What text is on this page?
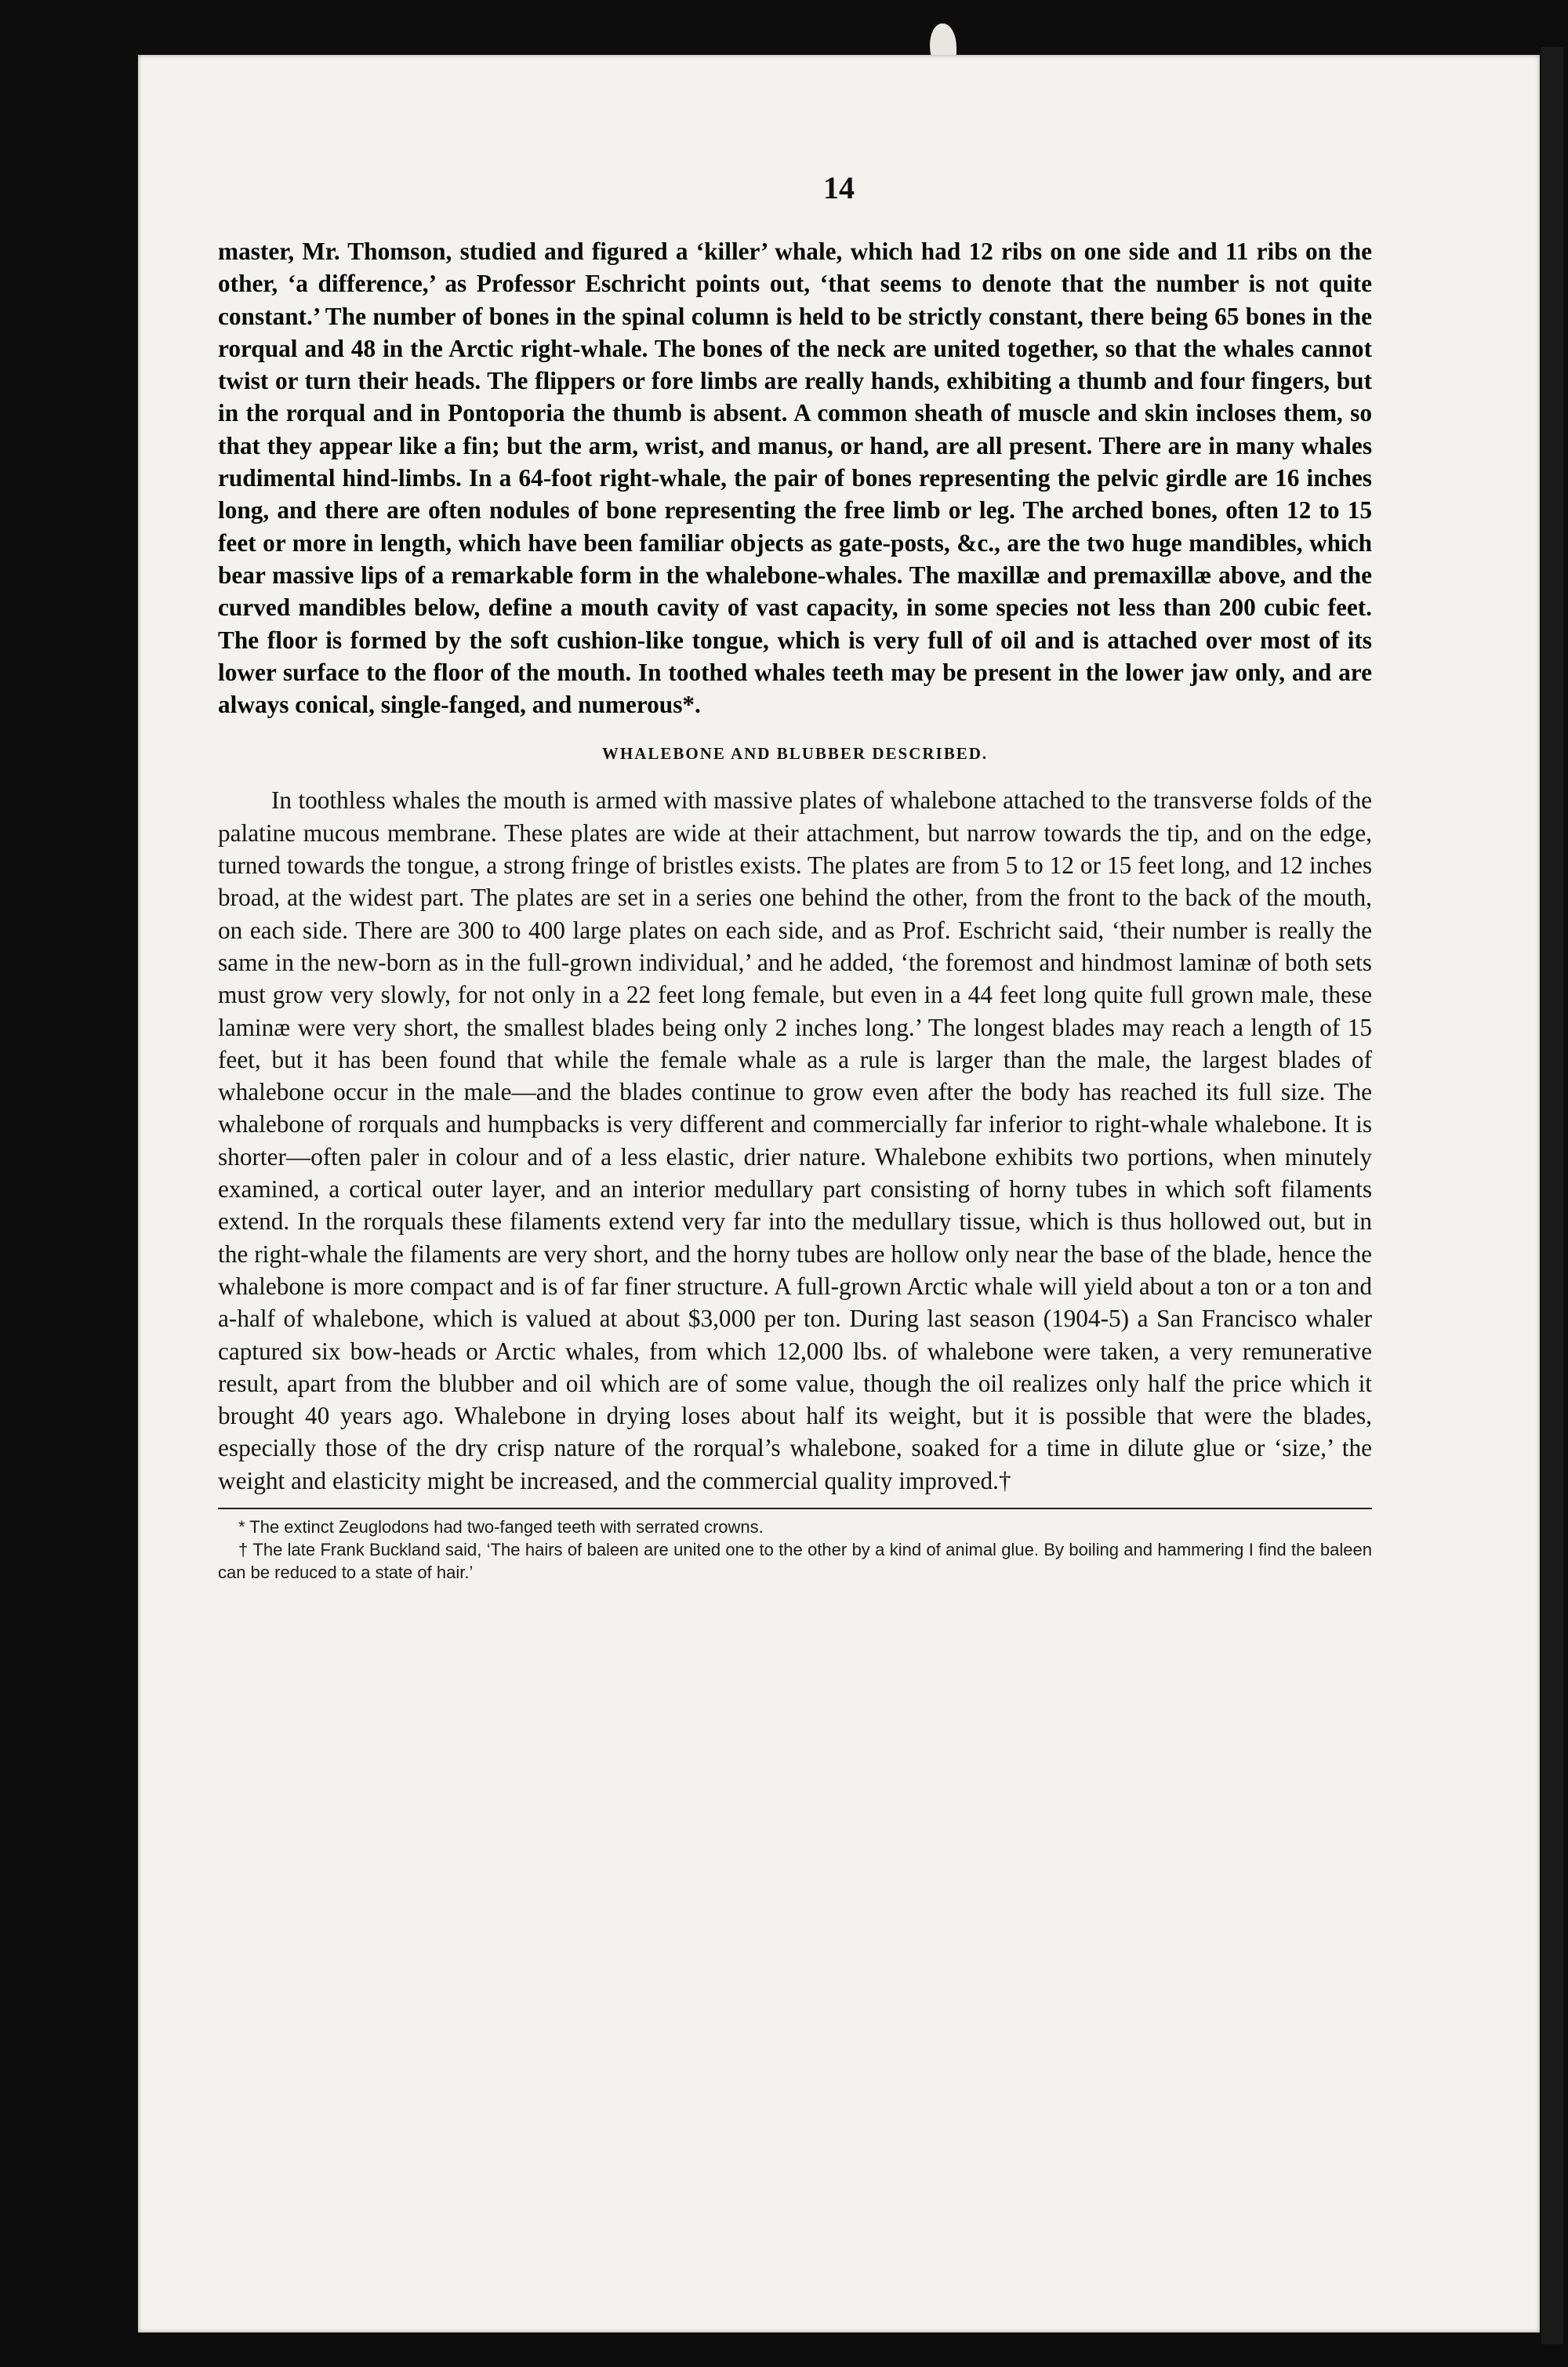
14

master, Mr. Thomson, studied and figured a ‘killer’ whale, which had 12 ribs on one side and 11 ribs on the other, ‘a difference,’ as Professor Eschricht points out, ‘that seems to denote that the number is not quite constant.’ The number of bones in the spinal column is held to be strictly constant, there being 65 bones in the rorqual and 48 in the Arctic right-whale. The bones of the neck are united together, so that the whales cannot twist or turn their heads. The flippers or fore limbs are really hands, exhibiting a thumb and four fingers, but in the rorqual and in Pontoporia the thumb is absent. A common sheath of muscle and skin incloses them, so that they appear like a fin; but the arm, wrist, and manus, or hand, are all present. There are in many whales rudimental hind-limbs. In a 64-foot right-whale, the pair of bones representing the pelvic girdle are 16 inches long, and there are often nodules of bone representing the free limb or leg. The arched bones, often 12 to 15 feet or more in length, which have been familiar objects as gate-posts, &c., are the two huge mandibles, which bear massive lips of a remarkable form in the whalebone-whales. The maxillæ and premaxillæ above, and the curved mandibles below, define a mouth cavity of vast capacity, in some species not less than 200 cubic feet. The floor is formed by the soft cushion-like tongue, which is very full of oil and is attached over most of its lower surface to the floor of the mouth. In toothed whales teeth may be present in the lower jaw only, and are always conical, single-fanged, and numerous*.

WHALEBONE AND BLUBBER DESCRIBED.

In toothless whales the mouth is armed with massive plates of whalebone attached to the transverse folds of the palatine mucous membrane. These plates are wide at their attachment, but narrow towards the tip, and on the edge, turned towards the tongue, a strong fringe of bristles exists. The plates are from 5 to 12 or 15 feet long, and 12 inches broad, at the widest part. The plates are set in a series one behind the other, from the front to the back of the mouth, on each side. There are 300 to 400 large plates on each side, and as Prof. Eschricht said, ‘their number is really the same in the new-born as in the full-grown individual,’ and he added, ‘the foremost and hindmost laminæ of both sets must grow very slowly, for not only in a 22 feet long female, but even in a 44 feet long quite full grown male, these laminæ were very short, the smallest blades being only 2 inches long.’ The longest blades may reach a length of 15 feet, but it has been found that while the female whale as a rule is larger than the male, the largest blades of whalebone occur in the male—and the blades continue to grow even after the body has reached its full size. The whalebone of rorquals and humpbacks is very different and commercially far inferior to right-whale whalebone. It is shorter—often paler in colour and of a less elastic, drier nature. Whalebone exhibits two portions, when minutely examined, a cortical outer layer, and an interior medullary part consisting of horny tubes in which soft filaments extend. In the rorquals these filaments extend very far into the medullary tissue, which is thus hollowed out, but in the right-whale the filaments are very short, and the horny tubes are hollow only near the base of the blade, hence the whalebone is more compact and is of far finer structure. A full-grown Arctic whale will yield about a ton or a ton and a-half of whalebone, which is valued at about $3,000 per ton. During last season (1904-5) a San Francisco whaler captured six bow-heads or Arctic whales, from which 12,000 lbs. of whalebone were taken, a very remunerative result, apart from the blubber and oil which are of some value, though the oil realizes only half the price which it brought 40 years ago. Whalebone in drying loses about half its weight, but it is possible that were the blades, especially those of the dry crisp nature of the rorqual’s whalebone, soaked for a time in dilute glue or ‘size,’ the weight and elasticity might be increased, and the commercial quality improved.†

* The extinct Zeuglodons had two-fanged teeth with serrated crowns.

† The late Frank Buckland said, ‘The hairs of baleen are united one to the other by a kind of animal glue. By boiling and hammering I find the baleen can be reduced to a state of hair.’
